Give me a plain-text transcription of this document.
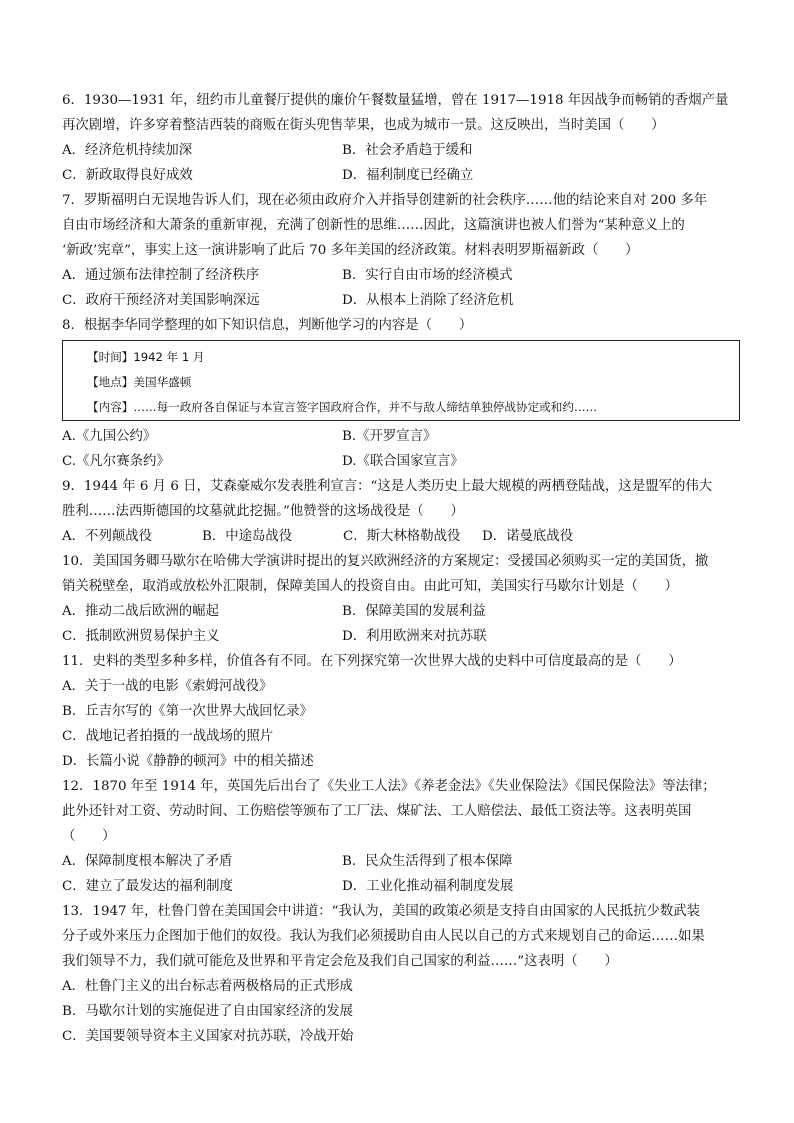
6．1930—1931 年，纽约市儿童餐厅提供的廉价午餐数量猛增，曾在 1917—1918 年因战争而畅销的香烟产量
再次剧增，许多穿着整洁西装的商贩在街头兜售苹果，也成为城市一景。这反映出，当时美国（　　）
A．经济危机持续加深	B．社会矛盾趋于缓和
C．新政取得良好成效	D．福利制度已经确立
7．罗斯福明白无误地告诉人们，现在必须由政府介入并指导创建新的社会秩序……他的结论来自对 200 多年
自由市场经济和大萧条的重新审视，充满了创新性的思维……因此，这篇演讲也被人们誉为“某种意义上的
‘新政’宪章”，事实上这一演讲影响了此后 70 多年美国的经济政策。材料表明罗斯福新政（　　）
A．通过颁布法律控制了经济秩序	B．实行自由市场的经济模式
C．政府干预经济对美国影响深远	D．从根本上消除了经济危机
8．根据李华同学整理的如下知识信息，判断他学习的内容是（　　）
【时间】1942 年 1 月
【地点】美国华盛顿
【内容】……每一政府各自保证与本宣言签字国政府合作，并不与敌人缔结单独停战协定或和约……
A.《九国公约》	B.《开罗宣言》
C.《凡尔赛条约》	D.《联合国家宣言》
9．1944 年 6 月 6 日，艾森豪威尔发表胜利宣言：“这是人类历史上最大规模的两栖登陆战，这是盟军的伟大
胜利……法西斯德国的坟墓就此挖掘。”他赞誉的这场战役是（　　）
A．不列颠战役	B．中途岛战役	C．斯大林格勒战役 D．诺曼底战役
10．美国国务卿马歇尔在哈佛大学演讲时提出的复兴欧洲经济的方案规定：受援国必须购买一定的美国货，撤
销关税壁垒，取消或放松外汇限制，保障美国人的投资自由。由此可知，美国实行马歇尔计划是（　　）
A．推动二战后欧洲的崛起	B．保障美国的发展利益
C．抵制欧洲贸易保护主义	D．利用欧洲来对抗苏联
11．史料的类型多种多样，价值各有不同。在下列探究第一次世界大战的史料中可信度最高的是（　　）
A．关于一战的电影《索姆河战役》
B．丘吉尔写的《第一次世界大战回忆录》
C．战地记者拍摄的一战战场的照片
D．长篇小说《静静的顿河》中的相关描述
12．1870 年至 1914 年，英国先后出台了《失业工人法》《养老金法》《失业保险法》《国民保险法》等法律；
此外还针对工资、劳动时间、工伤赔偿等颁布了工厂法、煤矿法、工人赔偿法、最低工资法等。这表明英国
（　　）
A．保障制度根本解决了矛盾	B．民众生活得到了根本保障
C．建立了最发达的福利制度	D．工业化推动福利制度发展
13．1947 年，杜鲁门曾在美国国会中讲道：“我认为，美国的政策必须是支持自由国家的人民抵抗少数武装
分子或外来压力企图加于他们的奴役。我认为我们必须援助自由人民以自己的方式来规划自己的命运……如果
我们领导不力，我们就可能危及世界和平肯定会危及我们自己国家的利益……”这表明（　　）
A．杜鲁门主义的出台标志着两极格局的正式形成
B．马歇尔计划的实施促进了自由国家经济的发展
C．美国要领导资本主义国家对抗苏联，冷战开始
